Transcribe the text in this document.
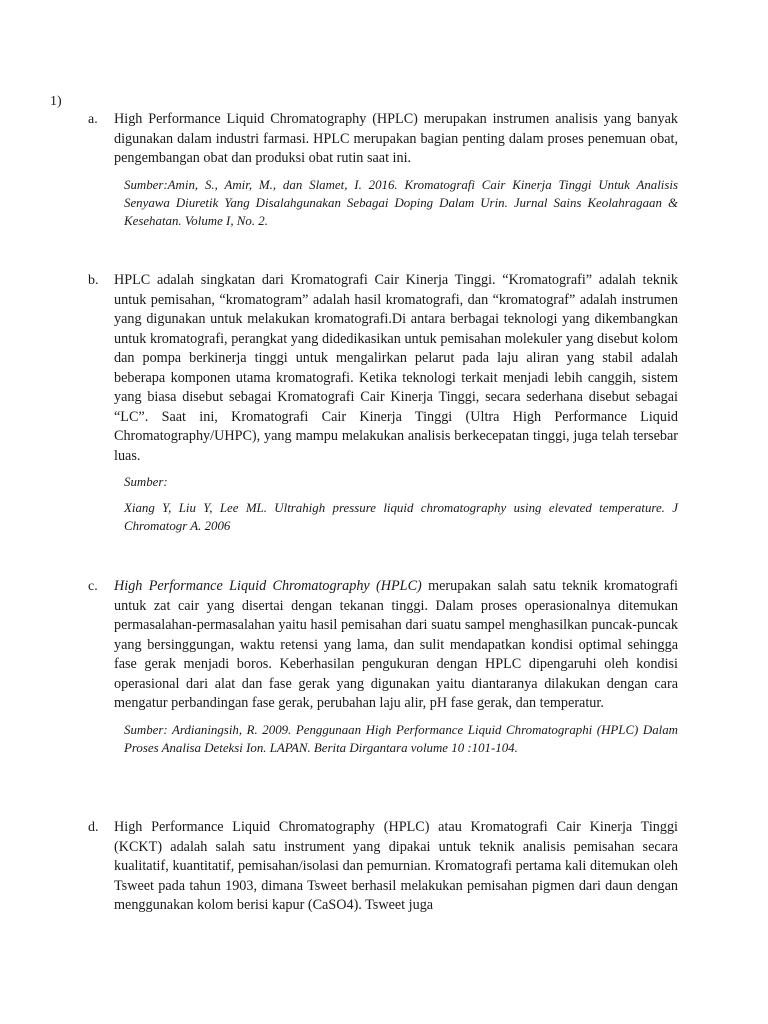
1)
a. High Performance Liquid Chromatography (HPLC) merupakan instrumen analisis yang banyak digunakan dalam industri farmasi. HPLC merupakan bagian penting dalam proses penemuan obat, pengembangan obat dan produksi obat rutin saat ini.

Sumber:Amin, S., Amir, M., dan Slamet, I. 2016. Kromatografi Cair Kinerja Tinggi Untuk Analisis Senyawa Diuretik Yang Disalahgunakan Sebagai Doping Dalam Urin. Jurnal Sains Keolahragaan & Kesehatan. Volume I, No. 2.

b. HPLC adalah singkatan dari Kromatografi Cair Kinerja Tinggi. “Kromatografi” adalah teknik untuk pemisahan, “kromatogram” adalah hasil kromatografi, dan “kromatograf” adalah instrumen yang digunakan untuk melakukan kromatografi.Di antara berbagai teknologi yang dikembangkan untuk kromatografi, perangkat yang didedikasikan untuk pemisahan molekuler yang disebut kolom dan pompa berkinerja tinggi untuk mengalirkan pelarut pada laju aliran yang stabil adalah beberapa komponen utama kromatografi. Ketika teknologi terkait menjadi lebih canggih, sistem yang biasa disebut sebagai Kromatografi Cair Kinerja Tinggi, secara sederhana disebut sebagai “LC”. Saat ini, Kromatografi Cair Kinerja Tinggi (Ultra High Performance Liquid Chromatography/UHPC), yang mampu melakukan analisis berkecepatan tinggi, juga telah tersebar luas.

Sumber:

Xiang Y, Liu Y, Lee ML. Ultrahigh pressure liquid chromatography using elevated temperature. J Chromatogr A. 2006

c. High Performance Liquid Chromatography (HPLC) merupakan salah satu teknik kromatografi untuk zat cair yang disertai dengan tekanan tinggi. Dalam proses operasionalnya ditemukan permasalahan-permasalahan yaitu hasil pemisahan dari suatu sampel menghasilkan puncak-puncak yang bersinggungan, waktu retensi yang lama, dan sulit mendapatkan kondisi optimal sehingga fase gerak menjadi boros. Keberhasilan pengukuran dengan HPLC dipengaruhi oleh kondisi operasional dari alat dan fase gerak yang digunakan yaitu diantaranya dilakukan dengan cara mengatur perbandingan fase gerak, perubahan laju alir, pH fase gerak, dan temperatur.

Sumber: Ardianingsih, R. 2009. Penggunaan High Performance Liquid Chromatographi (HPLC) Dalam Proses Analisa Deteksi Ion. LAPAN. Berita Dirgantara volume 10 :101-104.

d. High Performance Liquid Chromatography (HPLC) atau Kromatografi Cair Kinerja Tinggi (KCKT) adalah salah satu instrument yang dipakai untuk teknik analisis pemisahan secara kualitatif, kuantitatif, pemisahan/isolasi dan pemurnian. Kromatografi pertama kali ditemukan oleh Tsweet pada tahun 1903, dimana Tsweet berhasil melakukan pemisahan pigmen dari daun dengan menggunakan kolom berisi kapur (CaSO4). Tsweet juga
